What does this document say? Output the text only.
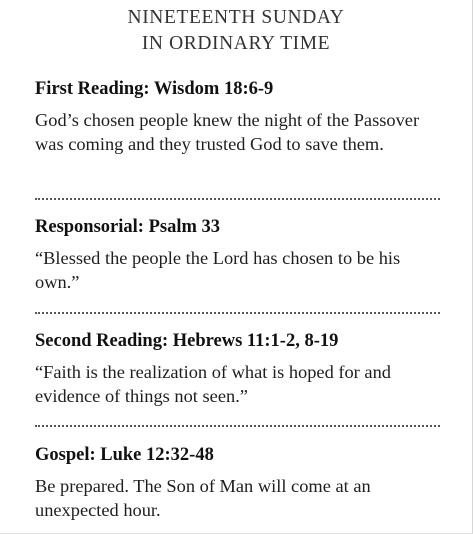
NINETEENTH SUNDAY
IN ORDINARY TIME
First Reading: Wisdom 18:6-9
God’s chosen people knew the night of the Passover was coming and they trusted God to save them.
Responsorial: Psalm 33
“Blessed the people the Lord has chosen to be his own.”
Second Reading: Hebrews 11:1-2, 8-19
“Faith is the realization of what is hoped for and evidence of things not seen.”
Gospel: Luke 12:32-48
Be prepared. The Son of Man will come at an unexpected hour.
